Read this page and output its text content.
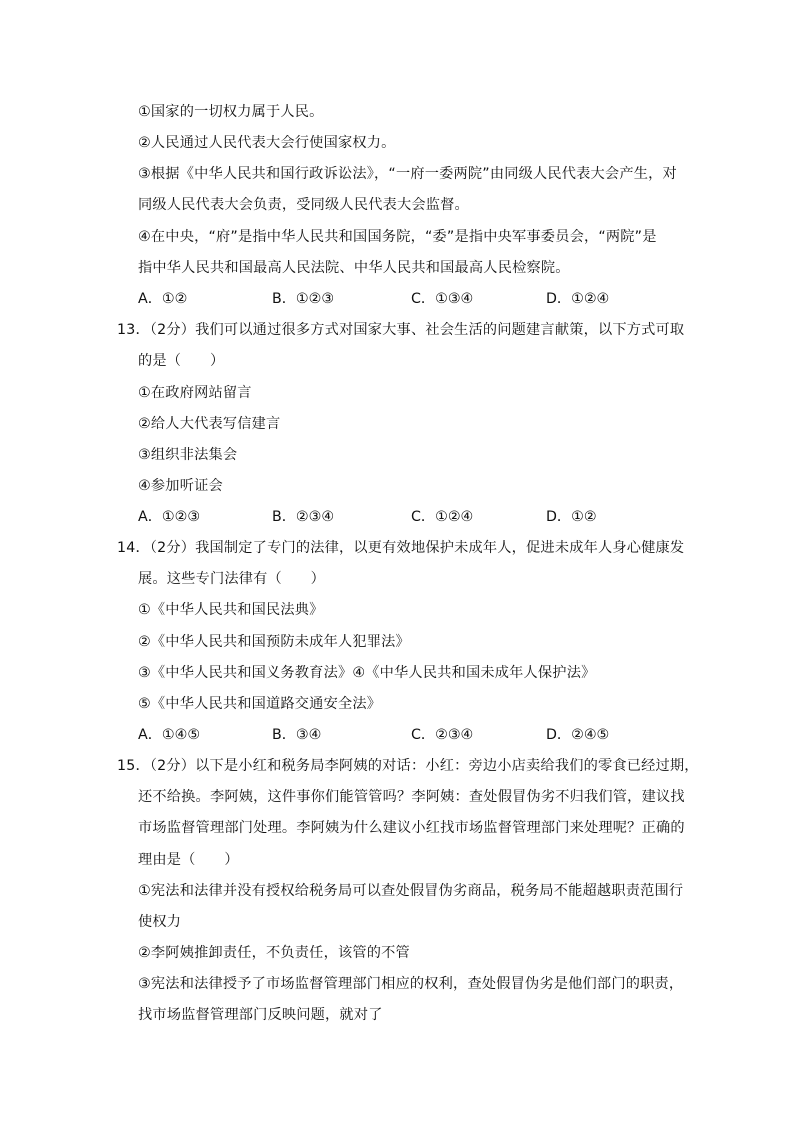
①国家的一切权力属于人民。
②人民通过人民代表大会行使国家权力。
③根据《中华人民共和国行政诉讼法》，“一府一委两院”由同级人民代表大会产生，对
同级人民代表大会负责，受同级人民代表大会监督。
④在中央，“府”是指中华人民共和国国务院，“委”是指中央军事委员会，“两院”是
指中华人民共和国最高人民法院、中华人民共和国最高人民检察院。
A．①②	B．①②③	C．①③④	D．①②④
13．（2分）我们可以通过很多方式对国家大事、社会生活的问题建言献策，以下方式可取
的是（　　）
①在政府网站留言
②给人大代表写信建言
③组织非法集会
④参加听证会
A．①②③	B．②③④	C．①②④	D．①②
14．（2分）我国制定了专门的法律，以更有效地保护未成年人，促进未成年人身心健康发
展。这些专门法律有（　　）
①《中华人民共和国民法典》
②《中华人民共和国预防未成年人犯罪法》
③《中华人民共和国义务教育法》④《中华人民共和国未成年人保护法》
⑤《中华人民共和国道路交通安全法》
A．①④⑤	B．③④	C．②③④	D．②④⑤
15．（2分）以下是小红和税务局李阿姨的对话：小红：旁边小店卖给我们的零食已经过期，
还不给换。李阿姨，这件事你们能管管吗？李阿姨：查处假冒伪劣不归我们管，建议找
市场监督管理部门处理。李阿姨为什么建议小红找市场监督管理部门来处理呢？正确的
理由是（　　）
①宪法和法律并没有授权给税务局可以查处假冒伪劣商品，税务局不能超越职责范围行
使权力
②李阿姨推卸责任，不负责任，该管的不管
③宪法和法律授予了市场监督管理部门相应的权利，查处假冒伪劣是他们部门的职责，
找市场监督管理部门反映问题，就对了
